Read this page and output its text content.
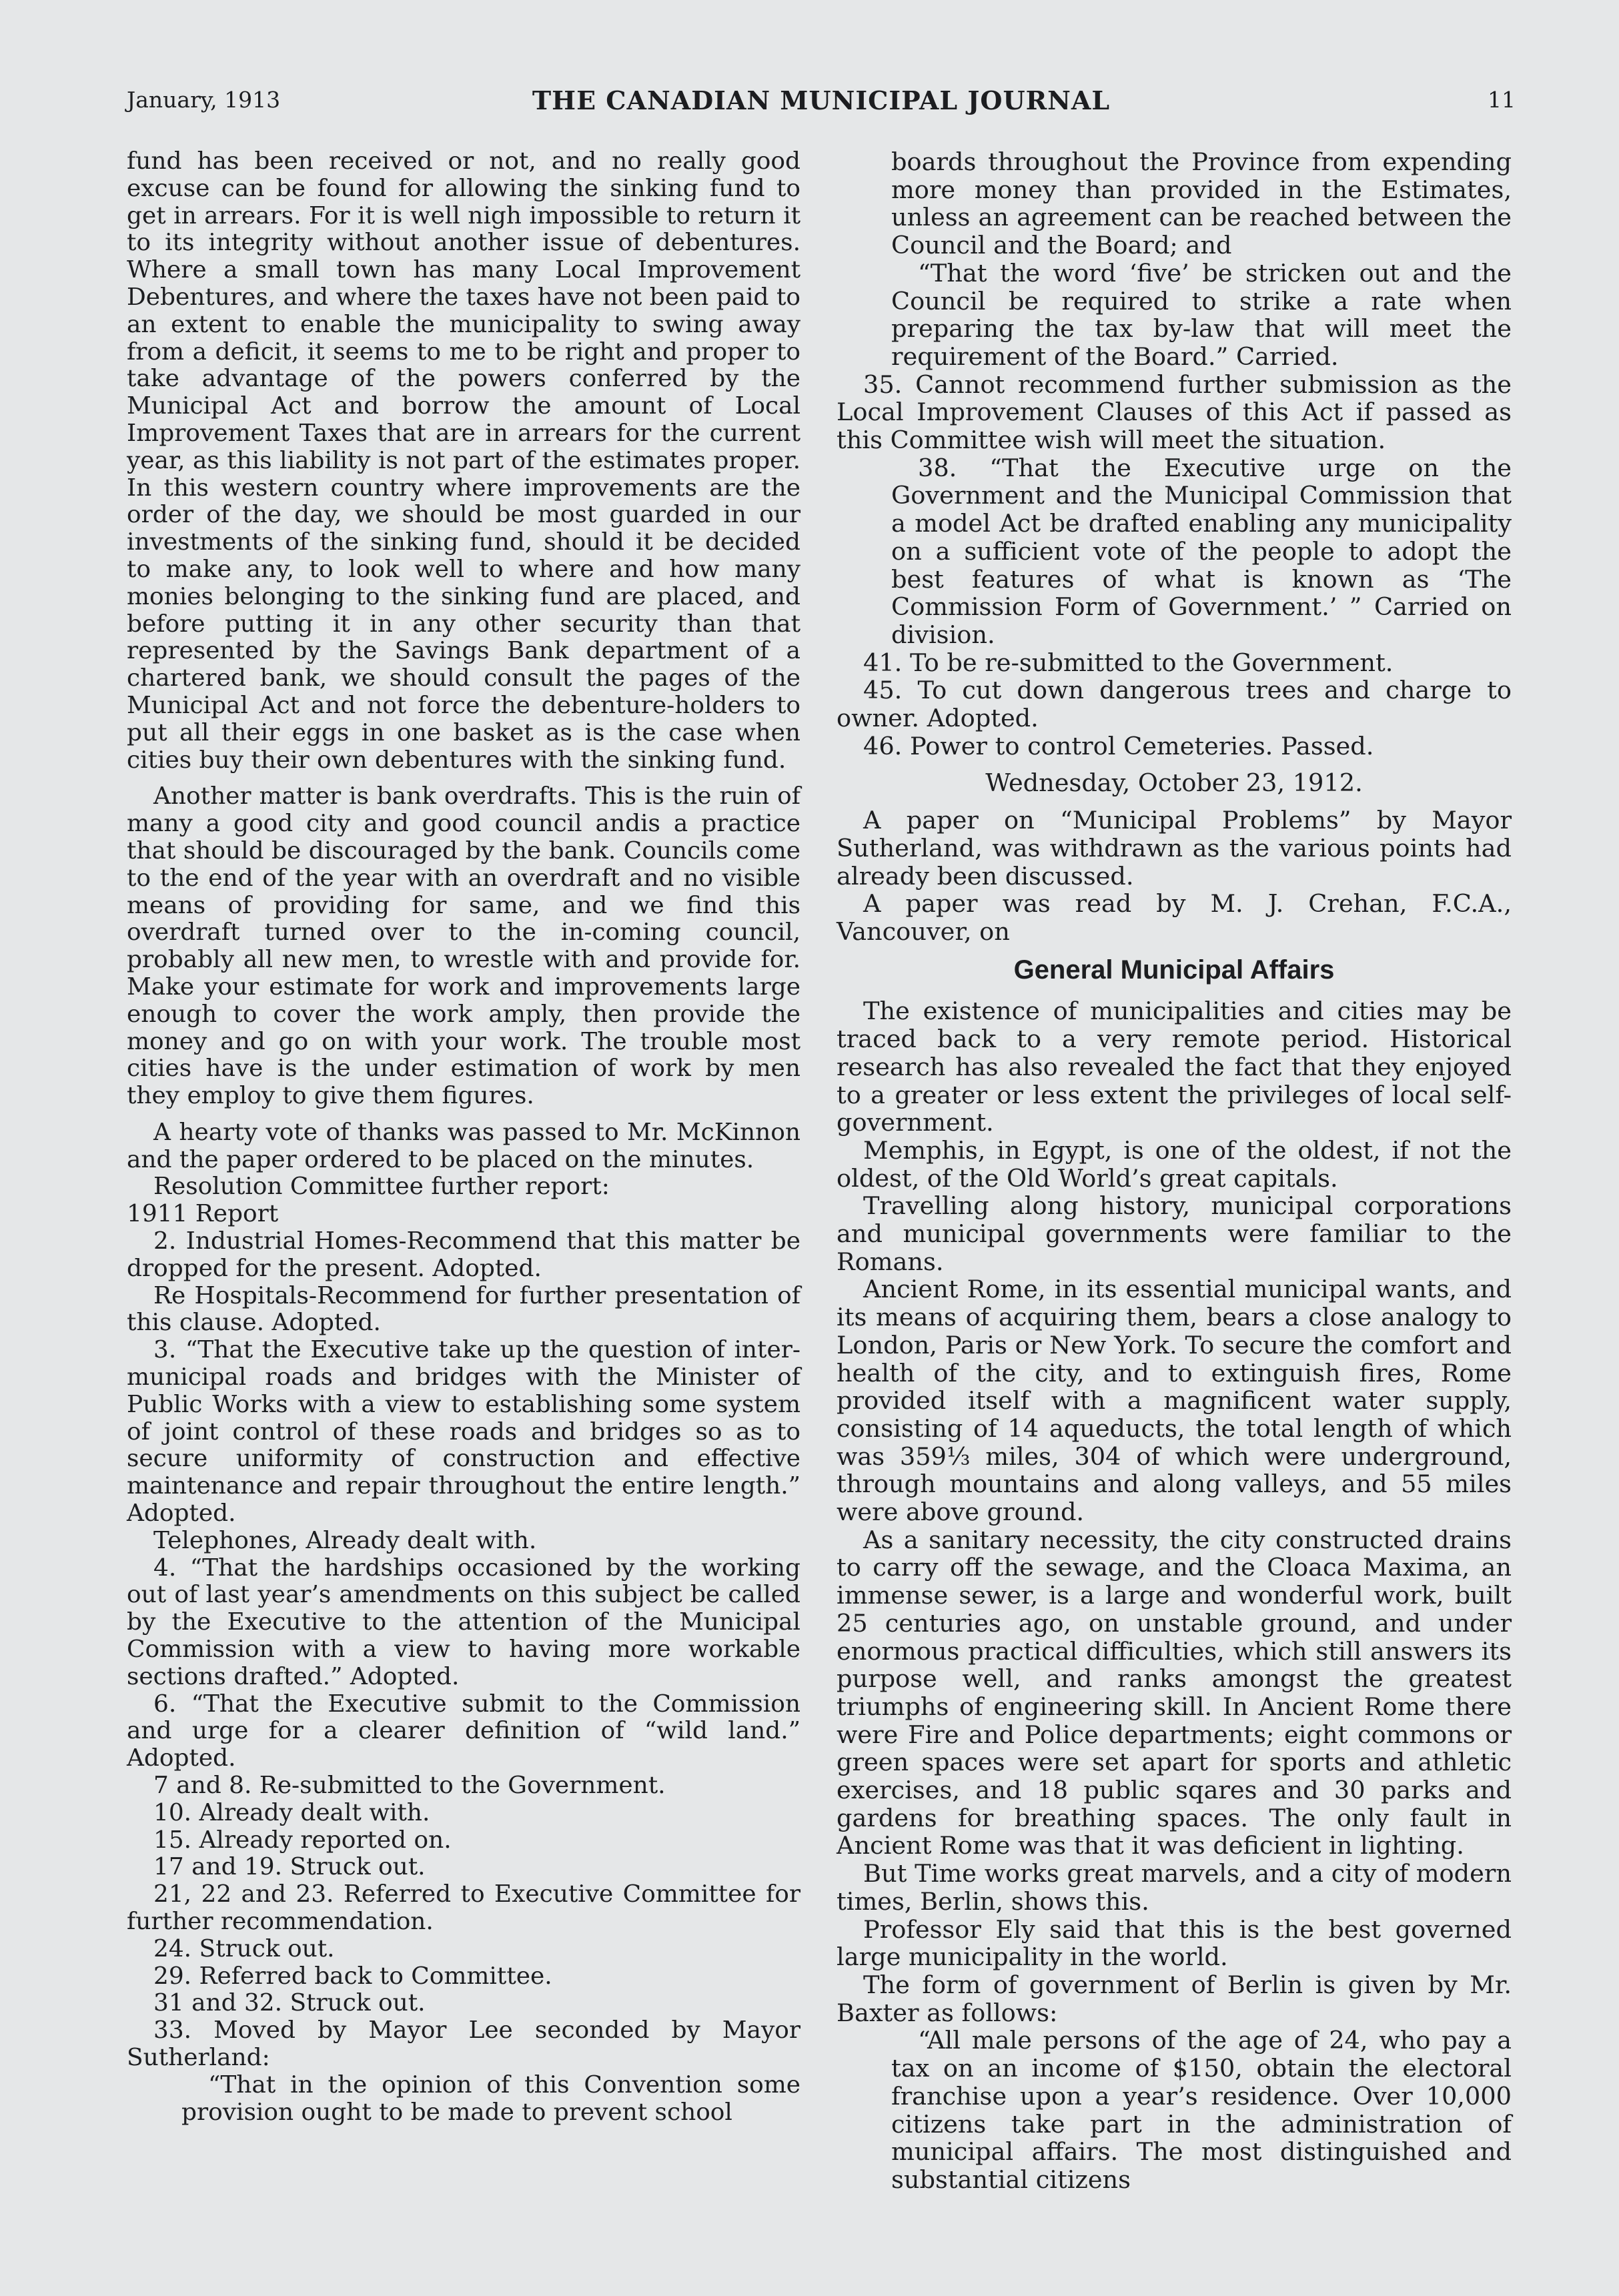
January, 1913	THE CANADIAN MUNICIPAL JOURNAL	11

fund has been received or not, and no really good excuse can be found for allowing the sinking fund to get in arrears. For it is well nigh impossible to return it to its integrity without another issue of debentures. Where a small town has many Local Improvement Debentures, and where the taxes have not been paid to an extent to enable the municipality to swing away from a deficit, it seems to me to be right and proper to take advantage of the powers conferred by the Municipal Act and borrow the amount of Local Improvement Taxes that are in arrears for the current year, as this liability is not part of the estimates proper. In this western country where improvements are the order of the day, we should be most guarded in our investments of the sinking fund, should it be decided to make any, to look well to where and how many monies belonging to the sinking fund are placed, and before putting it in any other security than that represented by the Savings Bank department of a chartered bank, we should consult the pages of the Municipal Act and not force the debenture-holders to put all their eggs in one basket as is the case when cities buy their own debentures with the sinking fund.

Another matter is bank overdrafts. This is the ruin of many a good city and good council andis a practice that should be discouraged by the bank. Councils come to the end of the year with an overdraft and no visible means of providing for same, and we find this overdraft turned over to the in-coming council, probably all new men, to wrestle with and provide for. Make your estimate for work and improvements large enough to cover the work amply, then provide the money and go on with your work. The trouble most cities have is the under estimation of work by men they employ to give them figures.

A hearty vote of thanks was passed to Mr. McKinnon and the paper ordered to be placed on the minutes.

Resolution Committee further report:

1911 Report

2. Industrial Homes-Recommend that this matter be dropped for the present. Adopted.

Re Hospitals-Recommend for further presentation of this clause. Adopted.

3. “That the Executive take up the question of inter-municipal roads and bridges with the Minister of Public Works with a view to establishing some system of joint control of these roads and bridges so as to secure uniformity of construction and effective maintenance and repair throughout the entire length.” Adopted.

Telephones, Already dealt with.

4. “That the hardships occasioned by the working out of last year’s amendments on this subject be called by the Executive to the attention of the Municipal Commission with a view to having more workable sections drafted.” Adopted.

6. “That the Executive submit to the Commission and urge for a clearer definition of “wild land.” Adopted.

7 and 8. Re-submitted to the Government.

10. Already dealt with.

15. Already reported on.

17 and 19. Struck out.

21, 22 and 23. Referred to Executive Committee for further recommendation.

24. Struck out.

29. Referred back to Committee.

31 and 32. Struck out.

33. Moved by Mayor Lee seconded by Mayor Sutherland:

“That in the opinion of this Convention some provision ought to be made to prevent school

boards throughout the Province from expending more money than provided in the Estimates, unless an agreement can be reached between the Council and the Board; and

“That the word ‘five’ be stricken out and the Council be required to strike a rate when preparing the tax by-law that will meet the requirement of the Board.” Carried.

35. Cannot recommend further submission as the Local Improvement Clauses of this Act if passed as this Committee wish will meet the situation.

38. “That the Executive urge on the Government and the Municipal Commission that a model Act be drafted enabling any municipality on a sufficient vote of the people to adopt the best features of what is known as ‘The Commission Form of Government.’ ” Carried on division.

41. To be re-submitted to the Government.

45. To cut down dangerous trees and charge to owner. Adopted.

46. Power to control Cemeteries. Passed.

Wednesday, October 23, 1912.

A paper on “Municipal Problems” by Mayor Sutherland, was withdrawn as the various points had already been discussed.

A paper was read by M. J. Crehan, F.C.A., Vancouver, on

General Municipal Affairs

The existence of municipalities and cities may be traced back to a very remote period. Historical research has also revealed the fact that they enjoyed to a greater or less extent the privileges of local self-government.

Memphis, in Egypt, is one of the oldest, if not the oldest, of the Old World’s great capitals.

Travelling along history, municipal corporations and municipal governments were familiar to the Romans.

Ancient Rome, in its essential municipal wants, and its means of acquiring them, bears a close analogy to London, Paris or New York. To secure the comfort and health of the city, and to extinguish fires, Rome provided itself with a magnificent water supply, consisting of 14 aqueducts, the total length of which was 359⅓ miles, 304 of which were underground, through mountains and along valleys, and 55 miles were above ground.

As a sanitary necessity, the city constructed drains to carry off the sewage, and the Cloaca Maxima, an immense sewer, is a large and wonderful work, built 25 centuries ago, on unstable ground, and under enormous practical difficulties, which still answers its purpose well, and ranks amongst the greatest triumphs of engineering skill. In Ancient Rome there were Fire and Police departments; eight commons or green spaces were set apart for sports and athletic exercises, and 18 public sqares and 30 parks and gardens for breathing spaces. The only fault in Ancient Rome was that it was deficient in lighting.

But Time works great marvels, and a city of modern times, Berlin, shows this.

Professor Ely said that this is the best governed large municipality in the world.

The form of government of Berlin is given by Mr. Baxter as follows:

“All male persons of the age of 24, who pay a tax on an income of $150, obtain the electoral franchise upon a year’s residence. Over 10,000 citizens take part in the administration of municipal affairs. The most distinguished and substantial citizens
